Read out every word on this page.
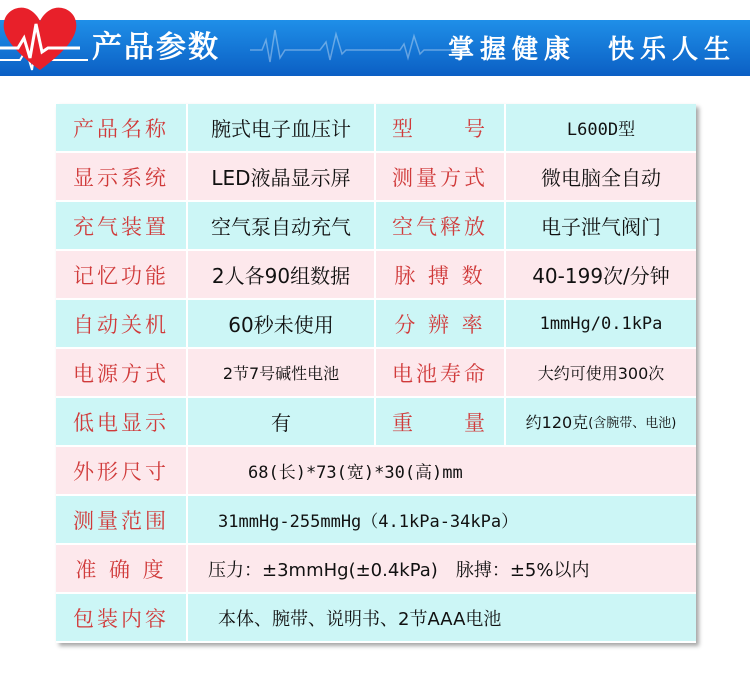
产品参数	掌握健康　快乐人生
产品名称	腕式电子血压计	型　　号	L600D型
显示系统	LED液晶显示屏	测量方式	微电脑全自动
充气装置	空气泵自动充气	空气释放	电子泄气阀门
记忆功能	2人各90组数据	脉 搏 数	40-199次/分钟
自动关机	60秒未使用	分 辨 率	1mmHg/0.1kPa
电源方式	2节7号碱性电池	电池寿命	大约可使用300次
低电显示	有	重　　量	约120克 (含腕带、电池)
外形尺寸	68(长)*73(宽)*30(高)mm
测量范围	31mmHg-255mmHg（4.1kPa-34kPa）
准 确 度	压力：±3mmHg(±0.4kPa)　脉搏：±5%以内
包装内容	本体、腕带、说明书、2节AAA电池
